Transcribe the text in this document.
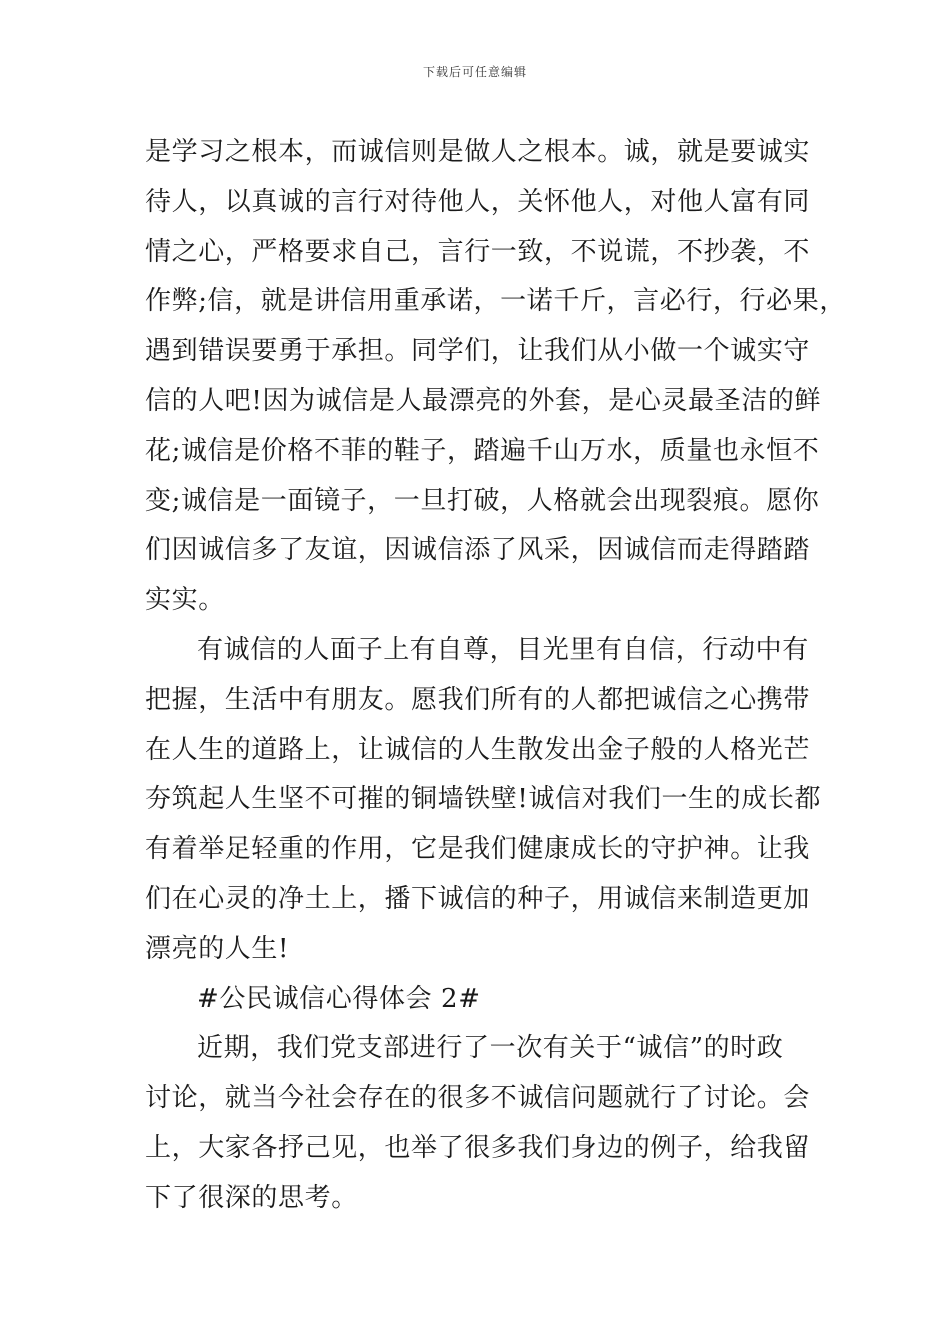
下载后可任意编辑
是学习之根本，而诚信则是做人之根本。诚，就是要诚实
待人，以真诚的言行对待他人，关怀他人，对他人富有同
情之心，严格要求自己，言行一致，不说谎，不抄袭，不
作弊;信，就是讲信用重承诺，一诺千斤，言必行，行必果，
遇到错误要勇于承担。同学们，让我们从小做一个诚实守
信的人吧!因为诚信是人最漂亮的外套，是心灵最圣洁的鲜
花;诚信是价格不菲的鞋子，踏遍千山万水，质量也永恒不
变;诚信是一面镜子，一旦打破，人格就会出现裂痕。愿你
们因诚信多了友谊，因诚信添了风采，因诚信而走得踏踏
实实。
有诚信的人面子上有自尊，目光里有自信，行动中有
把握，生活中有朋友。愿我们所有的人都把诚信之心携带
在人生的道路上，让诚信的人生散发出金子般的人格光芒
夯筑起人生坚不可摧的铜墙铁壁!诚信对我们一生的成长都
有着举足轻重的作用，它是我们健康成长的守护神。让我
们在心灵的净土上，播下诚信的种子，用诚信来制造更加
漂亮的人生!
#公民诚信心得体会 2#
近期，我们党支部进行了一次有关于“诚信”的时政
讨论，就当今社会存在的很多不诚信问题就行了讨论。会
上，大家各抒己见，也举了很多我们身边的例子，给我留
下了很深的思考。
